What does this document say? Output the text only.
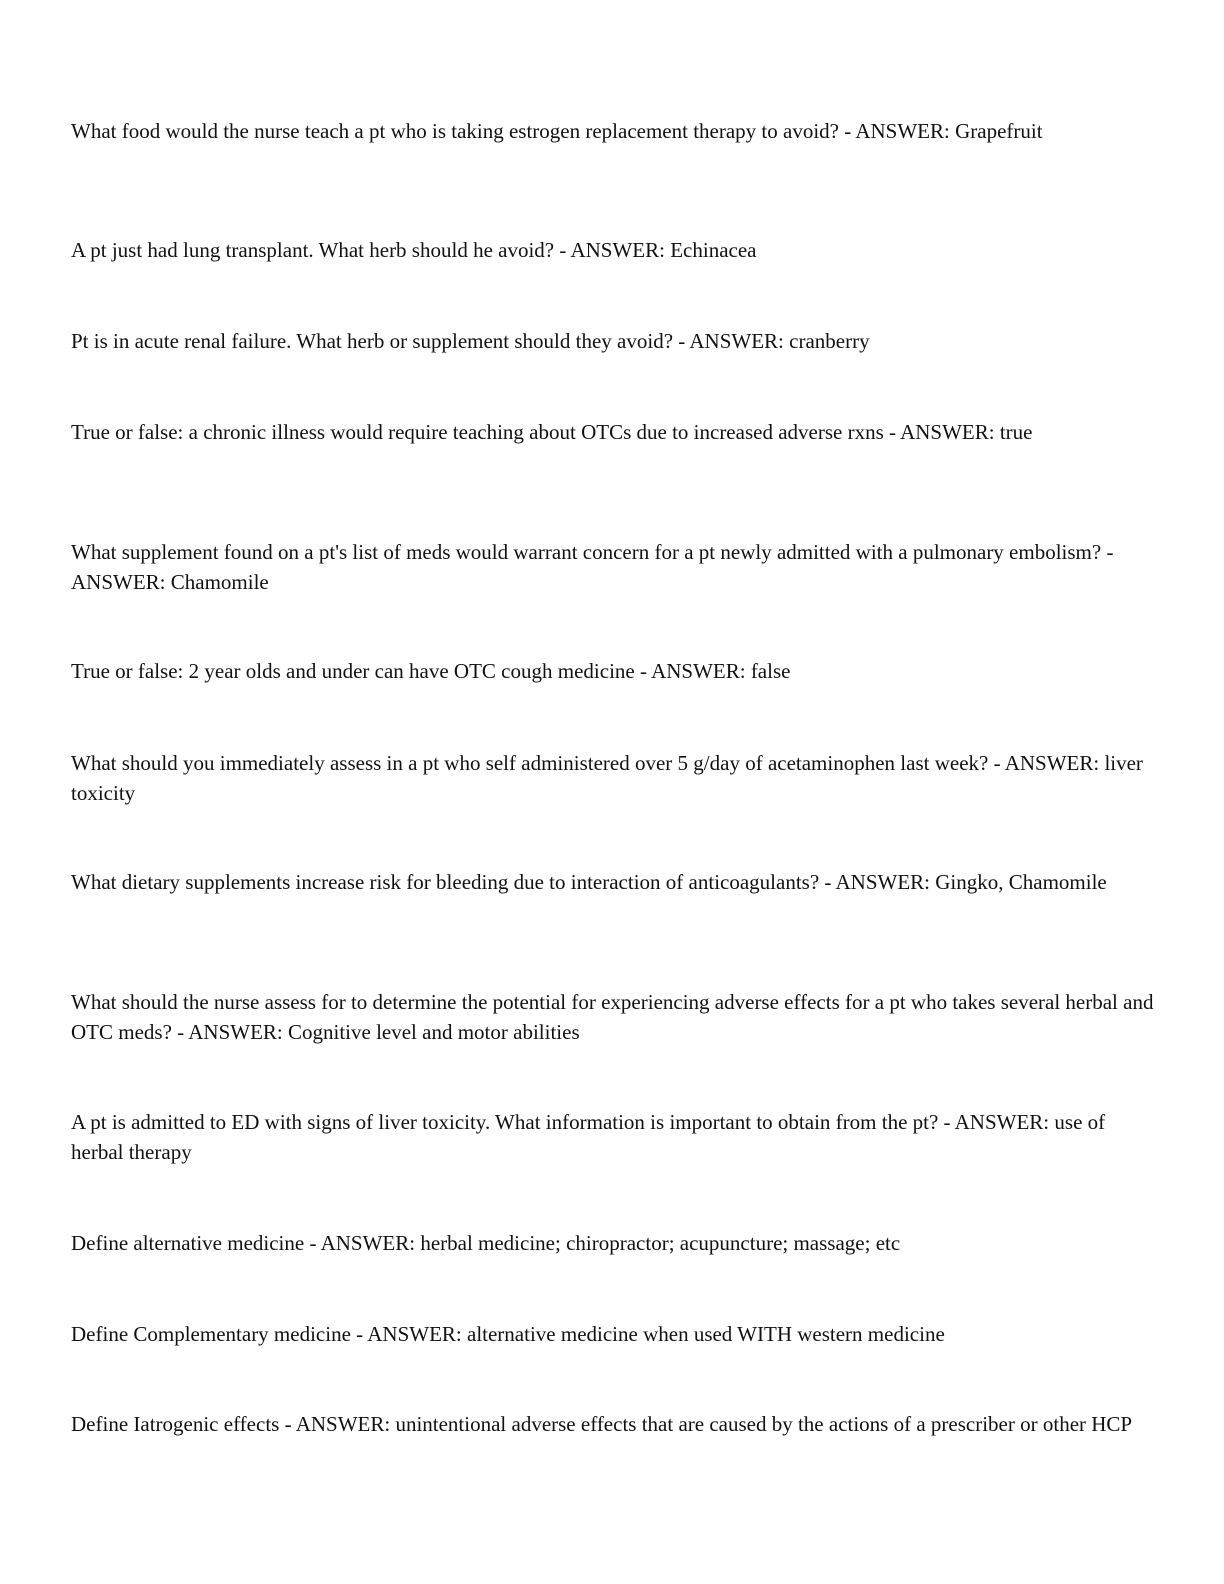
What food would the nurse teach a pt who is taking estrogen replacement therapy to avoid? - ANSWER: Grapefruit

A pt just had lung transplant. What herb should he avoid? - ANSWER: Echinacea

Pt is in acute renal failure. What herb or supplement should they avoid? - ANSWER: cranberry

True or false: a chronic illness would require teaching about OTCs due to increased adverse rxns - ANSWER: true

What supplement found on a pt's list of meds would warrant concern for a pt newly admitted with a pulmonary embolism? - ANSWER: Chamomile

True or false: 2 year olds and under can have OTC cough medicine - ANSWER: false

What should you immediately assess in a pt who self administered over 5 g/day of acetaminophen last week? - ANSWER: liver toxicity

What dietary supplements increase risk for bleeding due to interaction of anticoagulants? - ANSWER: Gingko, Chamomile

What should the nurse assess for to determine the potential for experiencing adverse effects for a pt who takes several herbal and OTC meds? - ANSWER: Cognitive level and motor abilities

A pt is admitted to ED with signs of liver toxicity. What information is important to obtain from the pt? - ANSWER: use of herbal therapy

Define alternative medicine - ANSWER: herbal medicine; chiropractor; acupuncture; massage; etc

Define Complementary medicine - ANSWER: alternative medicine when used WITH western medicine

Define Iatrogenic effects - ANSWER: unintentional adverse effects that are caused by the actions of a prescriber or other HCP
